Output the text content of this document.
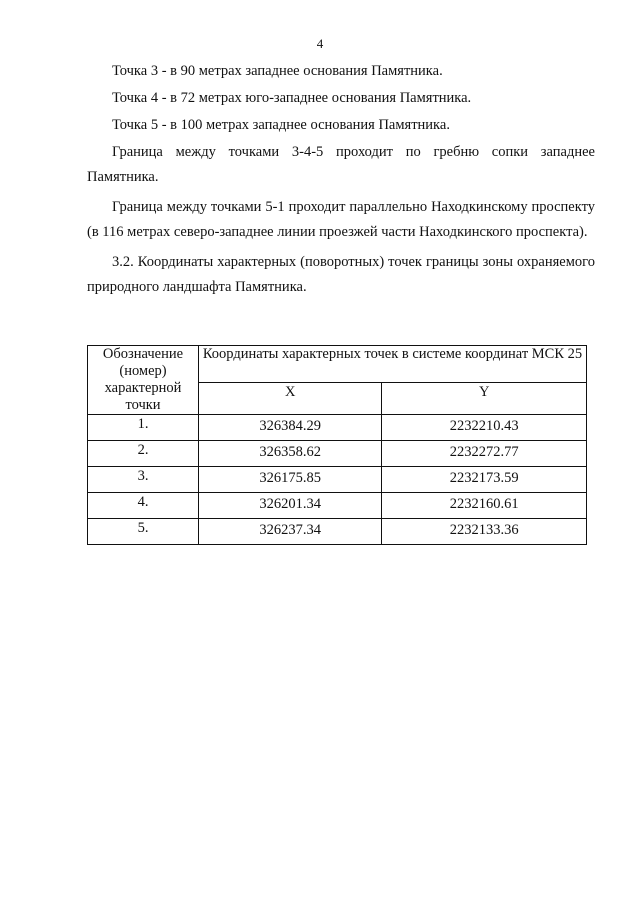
4

Точка 3 - в 90 метрах западнее основания Памятника.

Точка 4 - в 72 метрах юго-западнее основания Памятника.

Точка 5 - в 100 метрах западнее основания Памятника.

Граница между точками 3-4-5 проходит по гребню сопки западнее Памятника.

Граница между точками 5-1 проходит параллельно Находкинскому проспекту (в 116 метрах северо-западнее линии проезжей части Находкинского проспекта).

3.2. Координаты характерных (поворотных) точек границы зоны охраняемого природного ландшафта Памятника.

Обозначение (номер) характерной точки	Координаты характерных точек в системе координат МСК 25	
	X	Y
1.	326384.29	2232210.43
2.	326358.62	2232272.77
3.	326175.85	2232173.59
4.	326201.34	2232160.61
5.	326237.34	2232133.36
